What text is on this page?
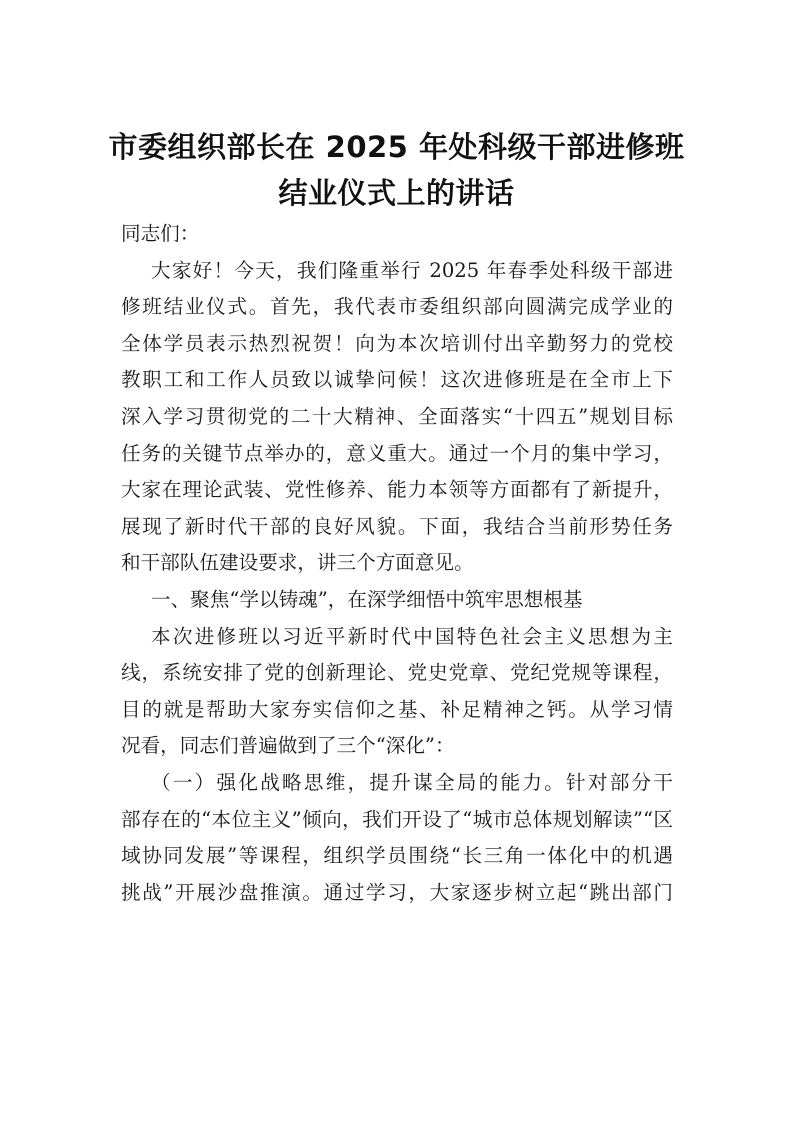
市委组织部长在 2025 年处科级干部进修班
结业仪式上的讲话
同志们：
大家好！今天，我们隆重举行 2025 年春季处科级干部进
修班结业仪式。首先，我代表市委组织部向圆满完成学业的
全体学员表示热烈祝贺！向为本次培训付出辛勤努力的党校
教职工和工作人员致以诚挚问候！这次进修班是在全市上下
深入学习贯彻党的二十大精神、全面落实“十四五”规划目标
任务的关键节点举办的，意义重大。通过一个月的集中学习，
大家在理论武装、党性修养、能力本领等方面都有了新提升，
展现了新时代干部的良好风貌。下面，我结合当前形势任务
和干部队伍建设要求，讲三个方面意见。
一、聚焦“学以铸魂”，在深学细悟中筑牢思想根基
本次进修班以习近平新时代中国特色社会主义思想为主
线，系统安排了党的创新理论、党史党章、党纪党规等课程，
目的就是帮助大家夯实信仰之基、补足精神之钙。从学习情
况看，同志们普遍做到了三个“深化”：
（一）强化战略思维，提升谋全局的能力。针对部分干
部存在的“本位主义”倾向，我们开设了“城市总体规划解读”“区
域协同发展”等课程，组织学员围绕“长三角一体化中的机遇
挑战”开展沙盘推演。通过学习，大家逐步树立起“跳出部门
